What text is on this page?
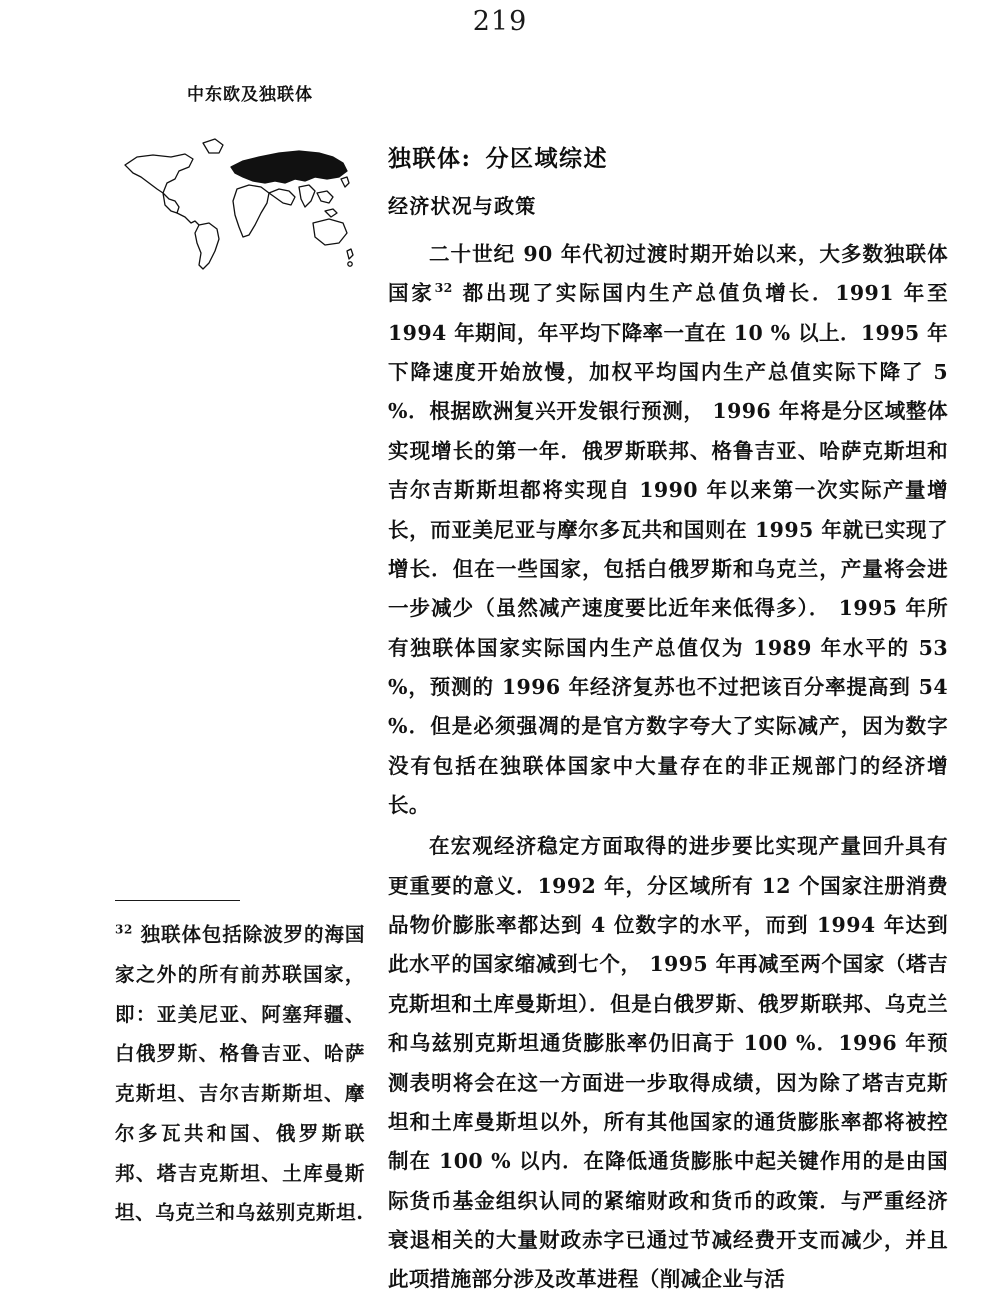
219
中东欧及独联体
$^{32}$ 独联体包括除波罗的海国家之外的所有前苏联国家，即：亚美尼亚、阿塞拜疆、白俄罗斯、格鲁吉亚、哈萨克斯坦、吉尔吉斯斯坦、摩尔多瓦共和国、俄罗斯联邦、塔吉克斯坦、土库曼斯坦、乌克兰和乌兹别克斯坦.
独联体: 分区域综述
经济状况与政策

二十世纪 90 年代初过渡时期开始以来，大多数独联体国家$^{32}$ 都出现了实际国内生产总值负增长．1991 年至 1994 年期间，年平均下降率一直在 10 % 以上．1995 年下降速度开始放慢，加权平均国内生产总值实际下降了 5 %．根据欧洲复兴开发银行预测， 1996 年将是分区域整体实现增长的第一年．俄罗斯联邦、格鲁吉亚、哈萨克斯坦和吉尔吉斯斯坦都将实现自 1990 年以来第一次实际产量增长，而亚美尼亚与摩尔多瓦共和国则在 1995 年就已实现了增长．但在一些国家，包括白俄罗斯和乌克兰，产量将会进一步减少（虽然减产速度要比近年来低得多）． 1995 年所有独联体国家实际国内生产总值仅为 1989 年水平的 53 %，预测的 1996 年经济复苏也不过把该百分率提高到 54 %．但是必须强凋的是官方数字夸大了实际减产，因为数字没有包括在独联体国家中大量存在的非正规部门的经济增长。

在宏观经济稳定方面取得的进步要比实现产量回升具有更重要的意义．1992 年，分区域所有 12 个国家注册消费品物价膨胀率都达到 4 位数字的水平，而到 1994 年达到此水平的国家缩减到七个， 1995 年再减至两个国家（塔吉克斯坦和土库曼斯坦）．但是白俄罗斯、俄罗斯联邦、乌克兰和乌兹别克斯坦通货膨胀率仍旧高于 100 %．1996 年预测表明将会在这一方面进一步取得成绩，因为除了塔吉克斯坦和土库曼斯坦以外，所有其他国家的通货膨胀率都将被控制在 100 % 以内．在降低通货膨胀中起关键作用的是由国际货币基金组织认同的紧缩财政和货币的政策．与严重经济衰退相关的大量财政赤字已通过节减经费开支而减少，并且此项措施部分涉及改革进程（削减企业与活
